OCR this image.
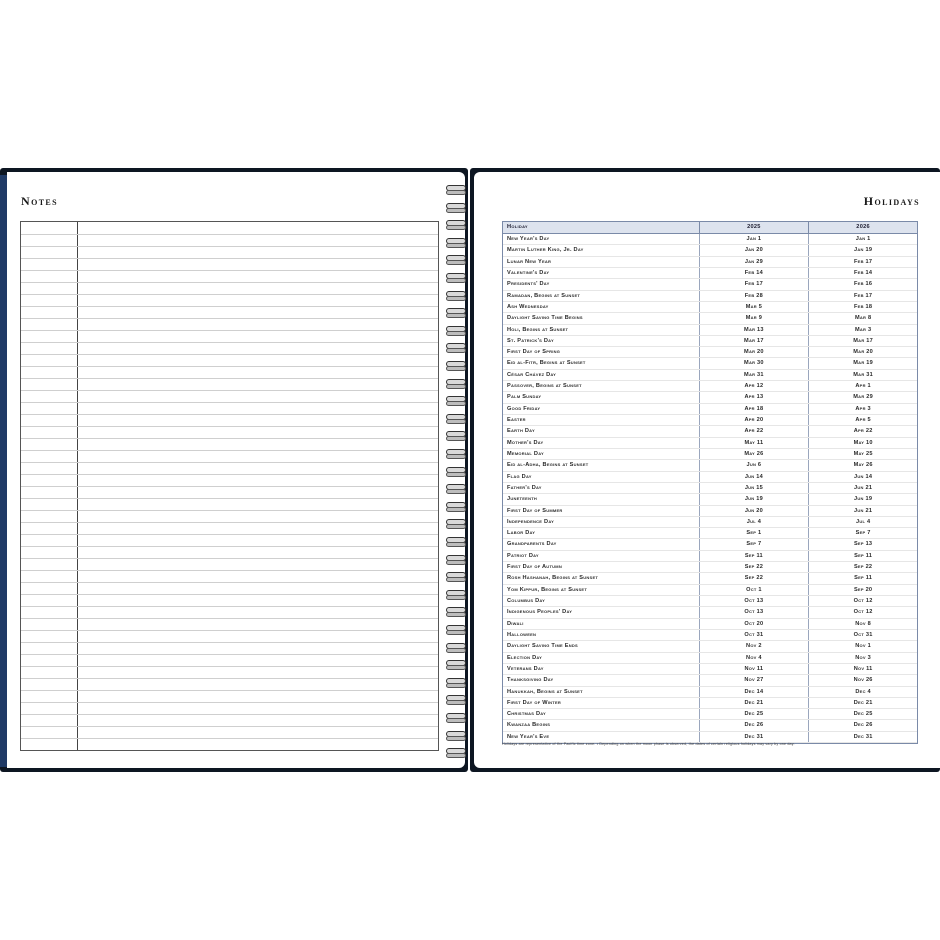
Notes	Holidays
Holiday	2025	2026
New Year's Day	Jan 1	Jan 1
Martin Luther King, Jr. Day	Jan 20	Jan 19
Lunar New Year	Jan 29	Feb 17
Valentine's Day	Feb 14	Feb 14
Presidents' Day	Feb 17	Feb 16
Ramadan, Begins at Sunset	Feb 28	Feb 17
Ash Wednesday	Mar 5	Feb 18
Daylight Saving Time Begins	Mar 9	Mar 8
Holi, Begins at Sunset	Mar 13	Mar 3
St. Patrick's Day	Mar 17	Mar 17
First Day of Spring	Mar 20	Mar 20
Eid al-Fitr, Begins at Sunset	Mar 30	Mar 19
César Chávez Day	Mar 31	Mar 31
Passover, Begins at Sunset	Apr 12	Apr 1
Palm Sunday	Apr 13	Mar 29
Good Friday	Apr 18	Apr 3
Easter	Apr 20	Apr 5
Earth Day	Apr 22	Apr 22
Mother's Day	May 11	May 10
Memorial Day	May 26	May 25
Eid al-Adha, Begins at Sunset	Jun 6	May 26
Flag Day	Jun 14	Jun 14
Father's Day	Jun 15	Jun 21
Juneteenth	Jun 19	Jun 19
First Day of Summer	Jun 20	Jun 21
Independence Day	Jul 4	Jul 4
Labor Day	Sep 1	Sep 7
Grandparents Day	Sep 7	Sep 13
Patriot Day	Sep 11	Sep 11
First Day of Autumn	Sep 22	Sep 22
Rosh Hashanah, Begins at Sunset	Sep 22	Sep 11
Yom Kippur, Begins at Sunset	Oct 1	Sep 20
Columbus Day	Oct 13	Oct 12
Indigenous Peoples' Day	Oct 13	Oct 12
Diwali	Oct 20	Nov 8
Halloween	Oct 31	Oct 31
Daylight Saving Time Ends	Nov 2	Nov 1
Election Day	Nov 4	Nov 3
Veterans Day	Nov 11	Nov 11
Thanksgiving Day	Nov 27	Nov 26
Hanukkah, Begins at Sunset	Dec 14	Dec 4
First Day of Winter	Dec 21	Dec 21
Christmas Day	Dec 25	Dec 25
Kwanzaa Begins	Dec 26	Dec 26
New Year's Eve	Dec 31	Dec 31
Holidays are representative of the Pacific time zone. • Depending on when the moon phase is observed, the dates of certain religious holidays may vary by one day.
